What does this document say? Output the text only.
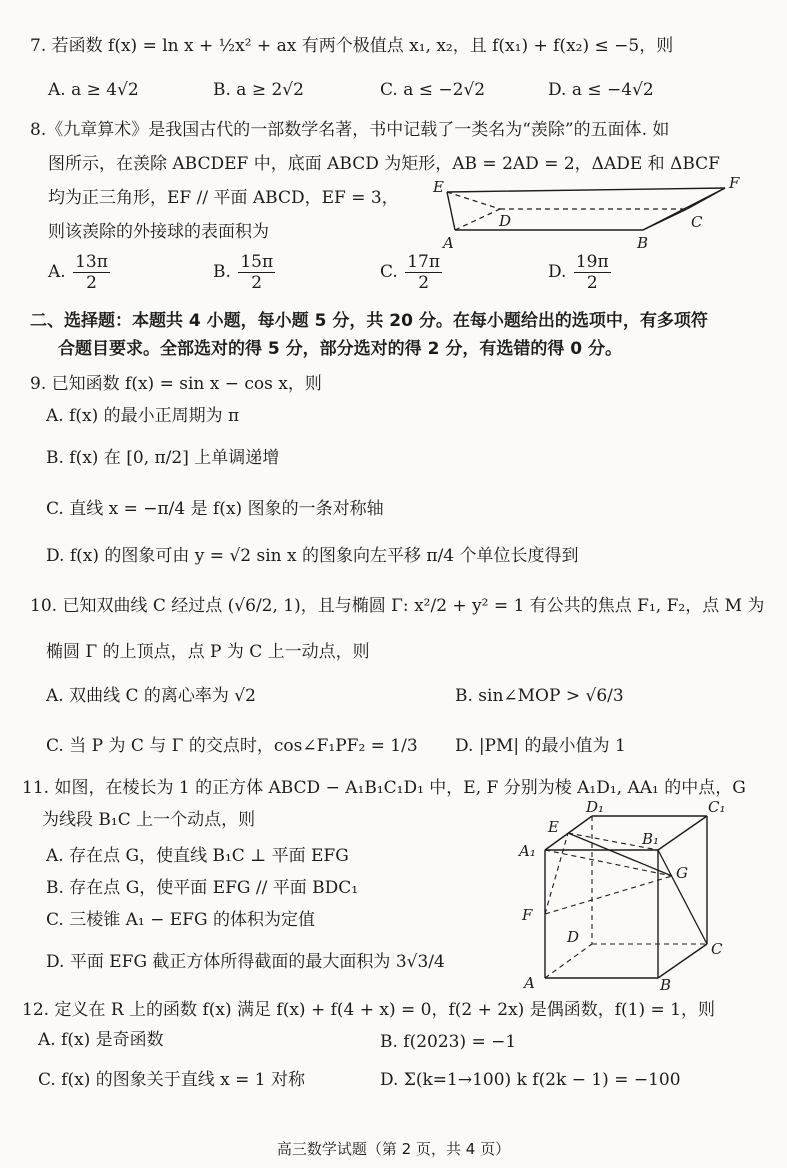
7. 若函数 f(x) = ln x + ½x² + ax 有两个极值点 x₁, x₂，且 f(x₁) + f(x₂) ≤ −5，则
A. a ≥ 4√2	B. a ≥ 2√2	C. a ≤ −2√2	D. a ≤ −4√2
8.《九章算术》是我国古代的一部数学名著，书中记载了一类名为“羡除”的五面体. 如
图所示，在羡除 ABCDEF 中，底面 ABCD 为矩形，AB = 2AD = 2，ΔADE 和 ΔBCF
均为正三角形，EF // 平面 ABCD，EF = 3，
则该羡除的外接球的表面积为
E	F
D	C
A	B
A. $\frac{13\pi}{2}$	B. $\frac{15\pi}{2}$	C. $\frac{17\pi}{2}$	D. $\frac{19\pi}{2}$
二、选择题：本题共 4 小题，每小题 5 分，共 20 分。在每小题给出的选项中，有多项符
合题目要求。全部选对的得 5 分，部分选对的得 2 分，有选错的得 0 分。
9. 已知函数 f(x) = sin x − cos x，则
A. f(x) 的最小正周期为 π
B. f(x) 在 [0, π/2] 上单调递增
C. 直线 x = −π/4 是 f(x) 图象的一条对称轴
D. f(x) 的图象可由 y = √2 sin x 的图象向左平移 π/4 个单位长度得到
10. 已知双曲线 C 经过点 (√6/2, 1)，且与椭圆 Γ: x²/2 + y² = 1 有公共的焦点 F₁, F₂，点 M 为
椭圆 Γ 的上顶点，点 P 为 C 上一动点，则
A. 双曲线 C 的离心率为 √2	B. sin∠MOP > √6/3
C. 当 P 为 C 与 Γ 的交点时，cos∠F₁PF₂ = 1/3 D. |PM| 的最小值为 1
11. 如图，在棱长为 1 的正方体 ABCD − A₁B₁C₁D₁ 中，E, F 分别为棱 A₁D₁, AA₁ 的中点，G
为线段 B₁C 上一个动点，则
A. 存在点 G，使直线 B₁C ⊥ 平面 EFG
B. 存在点 G，使平面 EFG // 平面 BDC₁
C. 三棱锥 A₁ − EFG 的体积为定值
D. 平面 EFG 截正方体所得截面的最大面积为 3√3/4
D₁	C₁
E
B₁
A₁
G
F
D
C
A	B
12. 定义在 R 上的函数 f(x) 满足 f(x) + f(4 + x) = 0，f(2 + 2x) 是偶函数，f(1) = 1，则
A. f(x) 是奇函数	B. f(2023) = −1
C. f(x) 的图象关于直线 x = 1 对称	D. Σ(k=1→100) k f(2k − 1) = −100
高三数学试题（第 2 页，共 4 页）
